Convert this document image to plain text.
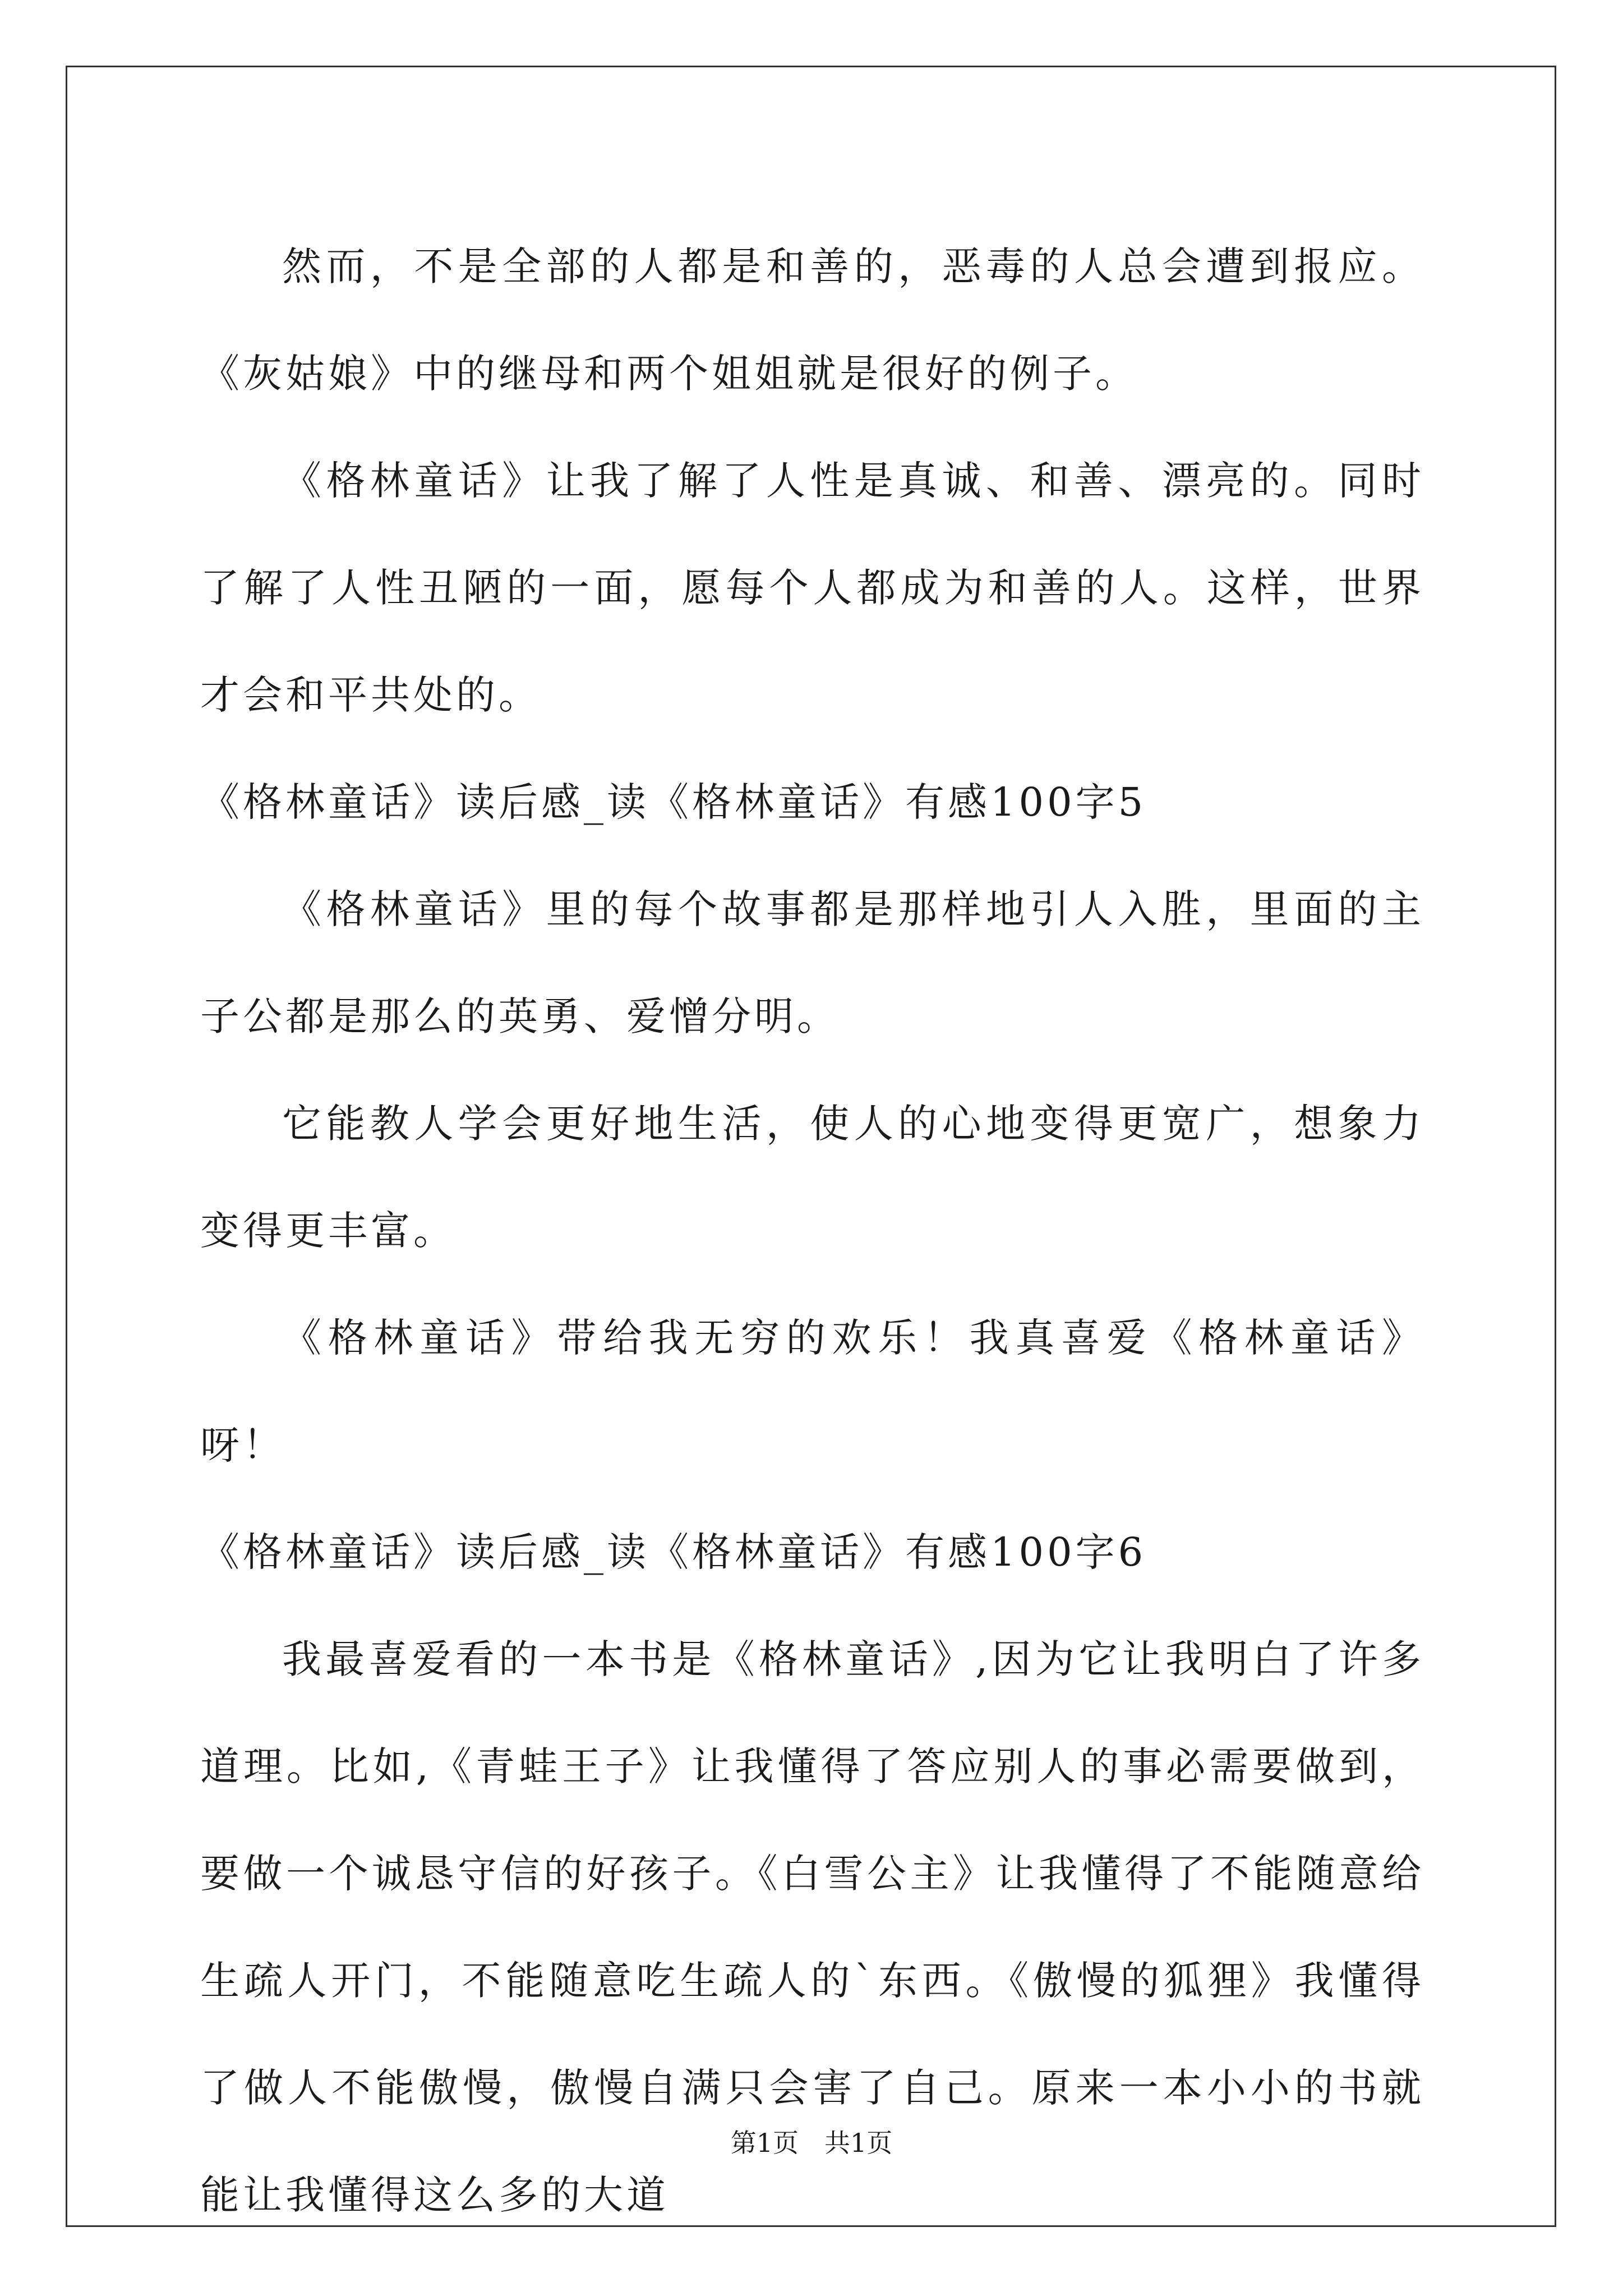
然而，不是全部的人都是和善的，恶毒的人总会遭到报应。《灰姑娘》中的继母和两个姐姐就是很好的例子。

《格林童话》让我了解了人性是真诚、和善、漂亮的。同时了解了人性丑陋的一面，愿每个人都成为和善的人。这样，世界才会和平共处的。

《格林童话》读后感_读《格林童话》有感100字5

《格林童话》里的每个故事都是那样地引人入胜，里面的主子公都是那么的英勇、爱憎分明。

它能教人学会更好地生活，使人的心地变得更宽广，想象力变得更丰富。

《格林童话》带给我无穷的欢乐！我真喜爱《格林童话》呀！

《格林童话》读后感_读《格林童话》有感100字6

我最喜爱看的一本书是《格林童话》,因为它让我明白了许多道理。比如,《青蛙王子》让我懂得了答应别人的事必需要做到，要做一个诚恳守信的好孩子。《白雪公主》让我懂得了不能随意给生疏人开门，不能随意吃生疏人的`东西。《傲慢的狐狸》我懂得了做人不能傲慢，傲慢自满只会害了自己。原来一本小小的书就能让我懂得这么多的大道

第1页　共1页
